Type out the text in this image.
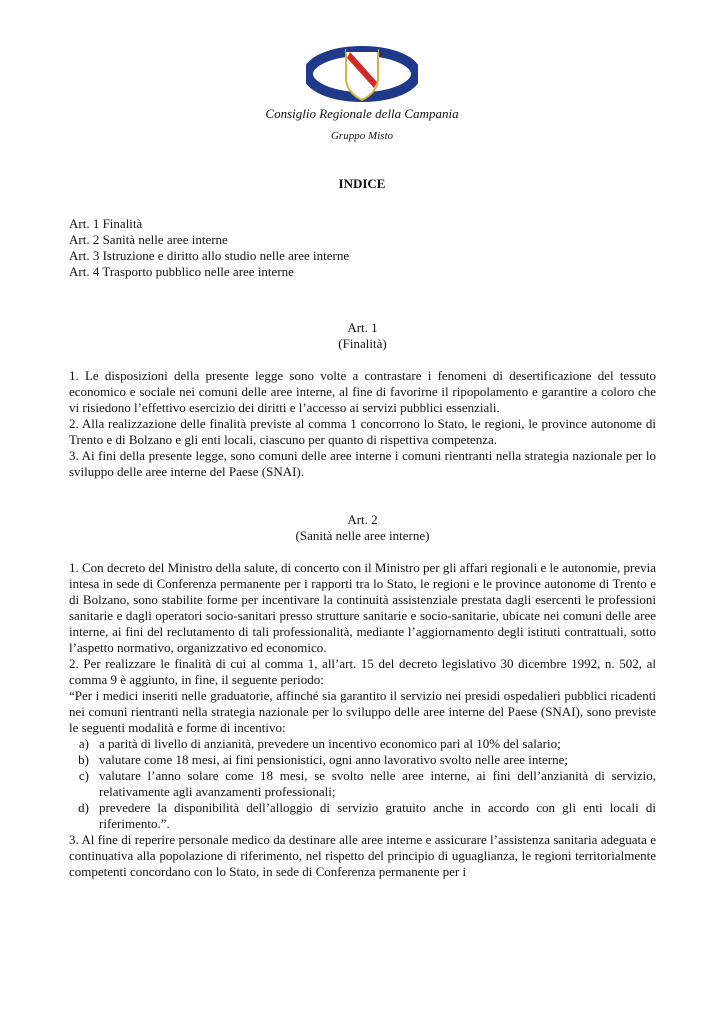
Consiglio Regionale della Campania
Gruppo Misto
INDICE
Art. 1 Finalità
Art. 2 Sanità nelle aree interne
Art. 3 Istruzione e diritto allo studio nelle aree interne
Art. 4 Trasporto pubblico nelle aree interne
Art. 1
(Finalità)

1. Le disposizioni della presente legge sono volte a contrastare i fenomeni di desertificazione del tessuto economico e sociale nei comuni delle aree interne, al fine di favorirne il ripopolamento e garantire a coloro che vi risiedono l’effettivo esercizio dei diritti e l’accesso ai servizi pubblici essenziali.

2. Alla realizzazione delle finalità previste al comma 1 concorrono lo Stato, le regioni, le province autonome di Trento e di Bolzano e gli enti locali, ciascuno per quanto di rispettiva competenza.

3. Ai fini della presente legge, sono comuni delle aree interne i comuni rientranti nella strategia nazionale per lo sviluppo delle aree interne del Paese (SNAI).

Art. 2
(Sanità nelle aree interne)

1. Con decreto del Ministro della salute, di concerto con il Ministro per gli affari regionali e le autonomie, previa intesa in sede di Conferenza permanente per i rapporti tra lo Stato, le regioni e le province autonome di Trento e di Bolzano, sono stabilite forme per incentivare la continuità assistenziale prestata dagli esercenti le professioni sanitarie e dagli operatori socio-sanitari presso strutture sanitarie e socio-sanitarie, ubicate nei comuni delle aree interne, ai fini del reclutamento di tali professionalità, mediante l’aggiornamento degli istituti contrattuali, sotto l’aspetto normativo, organizzativo ed economico.

2. Per realizzare le finalità di cui al comma 1, all’art. 15 del decreto legislativo 30 dicembre 1992, n. 502, al comma 9 è aggiunto, in fine, il seguente periodo:

“Per i medici inseriti nelle graduatorie, affinché sia garantito il servizio nei presidi ospedalieri pubblici ricadenti nei comuni rientranti nella strategia nazionale per lo sviluppo delle aree interne del Paese (SNAI), sono previste le seguenti modalità e forme di incentivo:

a) a parità di livello di anzianità, prevedere un incentivo economico pari al 10% del salario;
b) valutare come 18 mesi, ai fini pensionistici, ogni anno lavorativo svolto nelle aree interne;
c) valutare l’anno solare come 18 mesi, se svolto nelle aree interne, ai fini dell’anzianità di servizio, relativamente agli avanzamenti professionali;
d) prevedere la disponibilità dell’alloggio di servizio gratuito anche in accordo con gli enti locali di riferimento.”.

3. Al fine di reperire personale medico da destinare alle aree interne e assicurare l’assistenza sanitaria adeguata e continuativa alla popolazione di riferimento, nel rispetto del principio di uguaglianza, le regioni territorialmente competenti concordano con lo Stato, in sede di Conferenza permanente per i
